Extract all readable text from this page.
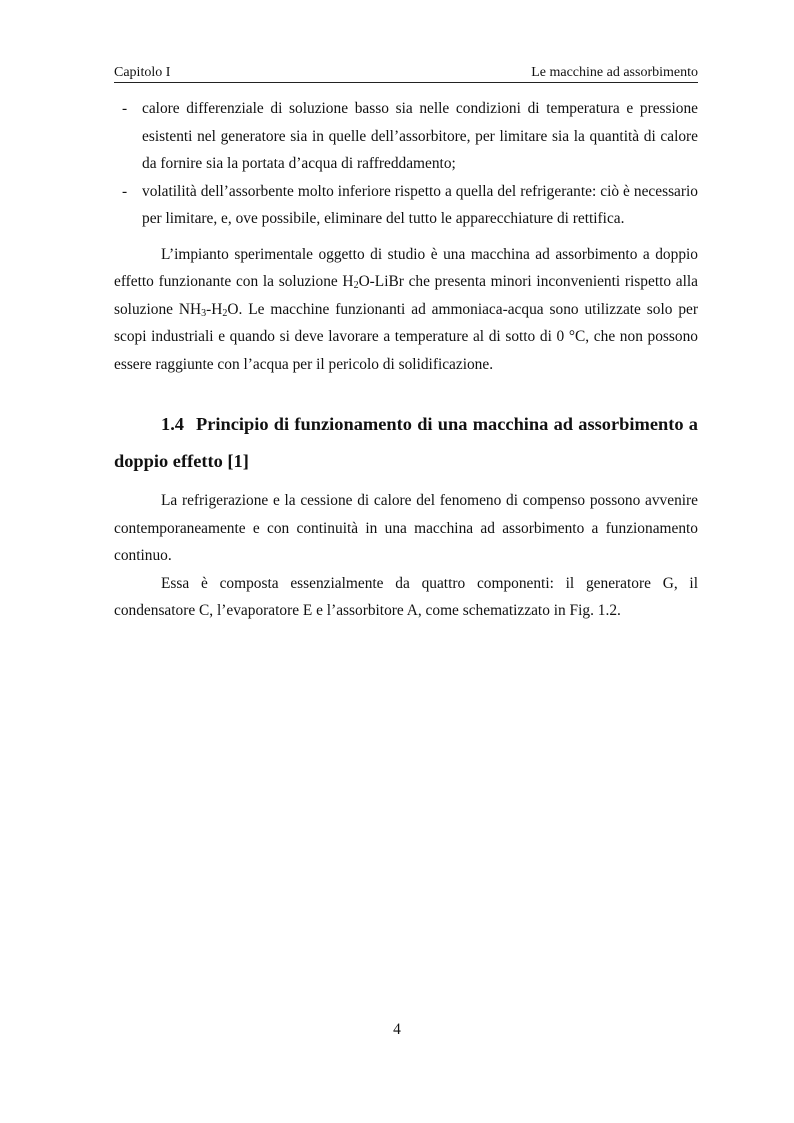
Capitolo I	Le macchine ad assorbimento

- calore differenziale di soluzione basso sia nelle condizioni di temperatura e pressione esistenti nel generatore sia in quelle dell’assorbitore, per limitare sia la quantità di calore da fornire sia la portata d’acqua di raffreddamento;

- volatilità dell’assorbente molto inferiore rispetto a quella del refrigerante: ciò è necessario per limitare, e, ove possibile, eliminare del tutto le apparecchiature di rettifica.

L’impianto sperimentale oggetto di studio è una macchina ad assorbimento a doppio effetto funzionante con la soluzione $H_2O$-LiBr che presenta minori inconvenienti rispetto alla soluzione $NH_3-H_2O$. Le macchine funzionanti ad ammoniaca-acqua sono utilizzate solo per scopi industriali e quando si deve lavorare a temperature al di sotto di 0 °C, che non possono essere raggiunte con l’acqua per il pericolo di solidificazione.

1.4 Principio di funzionamento di una macchina ad assorbimento a doppio effetto [1]

La refrigerazione e la cessione di calore del fenomeno di compenso possono avvenire contemporaneamente e con continuità in una macchina ad assorbimento a funzionamento continuo.

Essa è composta essenzialmente da quattro componenti: il generatore G, il condensatore C, l’evaporatore E e l’assorbitore A, come schematizzato in Fig. 1.2.

4
